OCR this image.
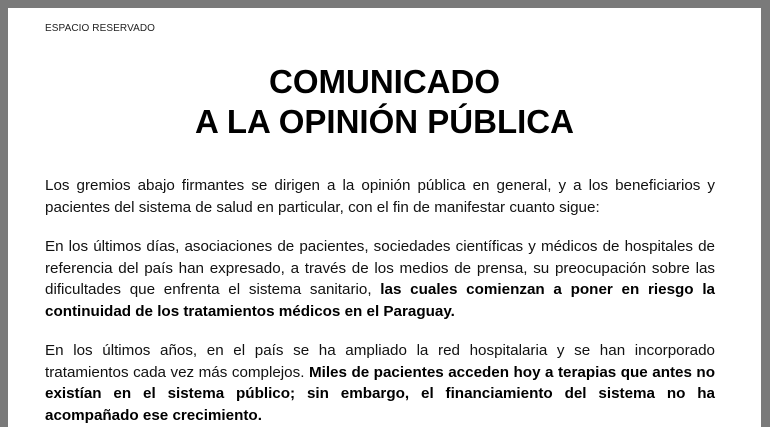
ESPACIO RESERVADO
COMUNICADO
A LA OPINIÓN PÚBLICA
Los gremios abajo firmantes se dirigen a la opinión pública en general, y a los beneficiarios y pacientes del sistema de salud en particular, con el fin de manifestar cuanto sigue:
En los últimos días, asociaciones de pacientes, sociedades científicas y médicos de hospitales de referencia del país han expresado, a través de los medios de prensa, su preocupación sobre las dificultades que enfrenta el sistema sanitario, las cuales comienzan a poner en riesgo la continuidad de los tratamientos médicos en el Paraguay.
En los últimos años, en el país se ha ampliado la red hospitalaria y se han incorporado tratamientos cada vez más complejos. Miles de pacientes acceden hoy a terapias que antes no existían en el sistema público; sin embargo, el financiamiento del sistema no ha acompañado ese crecimiento.
